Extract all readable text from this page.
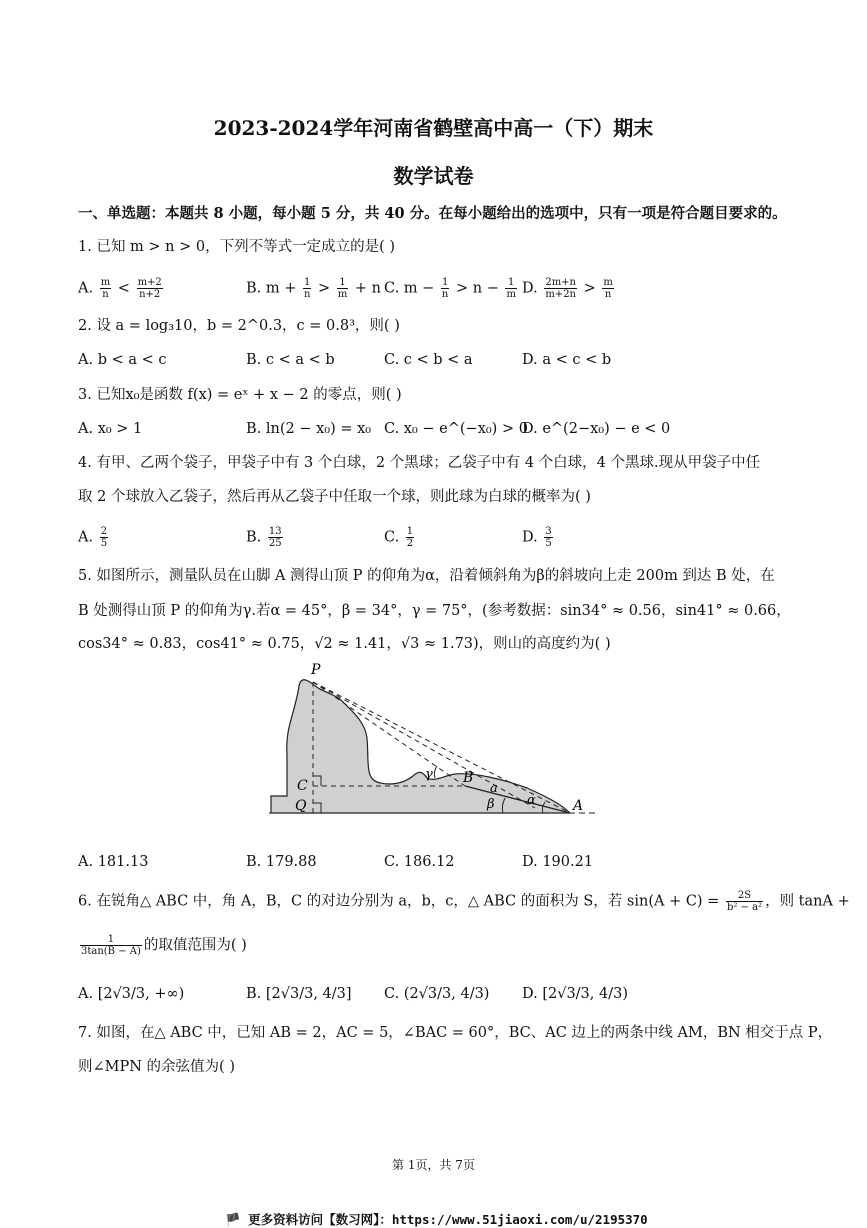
2023-2024学年河南省鹤壁高中高一（下）期末
数学试卷
一、单选题：本题共 8 小题，每小题 5 分，共 40 分。在每小题给出的选项中，只有一项是符合题目要求的。
1. 已知 m > n > 0，下列不等式一定成立的是( )
A. $\frac{m}{n} < \frac{m+2}{n+2}$	B. $m + \frac{1}{n} > \frac{1}{m} + n$ C. $m - \frac{1}{n} > n - \frac{1}{m} D$. $\frac{2m+n}{m+2n} > \frac{m}{n}$
2. 设 a = log₃10，b = 2^0.3，c = 0.8³，则( )
A. b < a < c	B. c < a < b	C. c < b < a	D. a < c < b
3. 已知x₀是函数 f(x) = eˣ + x − 2 的零点，则( )
A. x₀ > 1	B. ln(2 − x₀) = x₀ C. x₀ − e^(−x₀) > 0
D. e^(2−x₀) − e < 0
4. 有甲、乙两个袋子，甲袋子中有 3 个白球，2 个黑球；乙袋子中有 4 个白球，4 个黑球.现从甲袋子中任
取 2 个球放入乙袋子，然后再从乙袋子中任取一个球，则此球为白球的概率为( )
A. $\frac{2}{5}$	B. $\frac{13}{25}$	C. $\frac{1}{2}$	D. $\frac{3}{5}$
5. 如图所示，测量队员在山脚 A 测得山顶 P 的仰角为α，沿着倾斜角为β的斜坡向上走 200m 到达 B 处，在
B 处测得山顶 P 的仰角为γ.若α = 45°，β = 34°，γ = 75°，(参考数据：sin34° ≈ 0.56，sin41° ≈ 0.66，
cos34° ≈ 0.83，cos41° ≈ 0.75，√2 ≈ 1.41，√3 ≈ 1.73)，则山的高度约为( )
P
C
Q
B
A
γ
a
β α
A. 181.13	B. 179.88	C. 186.12	D. 190.21
6. 在锐角△ ABC 中，角 A，B，C 的对边分别为 a，b，c，△ ABC 的面积为 S，若 $\sin(A + C) = \frac{2S}{\text{b² − a²}}$ ，则 tanA +
$\frac{1}{3\tan(B - A)}$ 的取值范围为( )
A. [2√3/3, +∞)	B. [2√3/3, 4/3] C. (2√3/3, 4/3) D. [2√3/3, 4/3)
7. 如图，在△ ABC 中，已知 AB = 2，AC = 5，∠BAC = 60°，BC、AC 边上的两条中线 AM，BN 相交于点 P，
则∠MPN 的余弦值为( )
第 1页，共 7页
🏴 更多资料访问【数习网】：https://www.51jiaoxi.com/u/2195370
